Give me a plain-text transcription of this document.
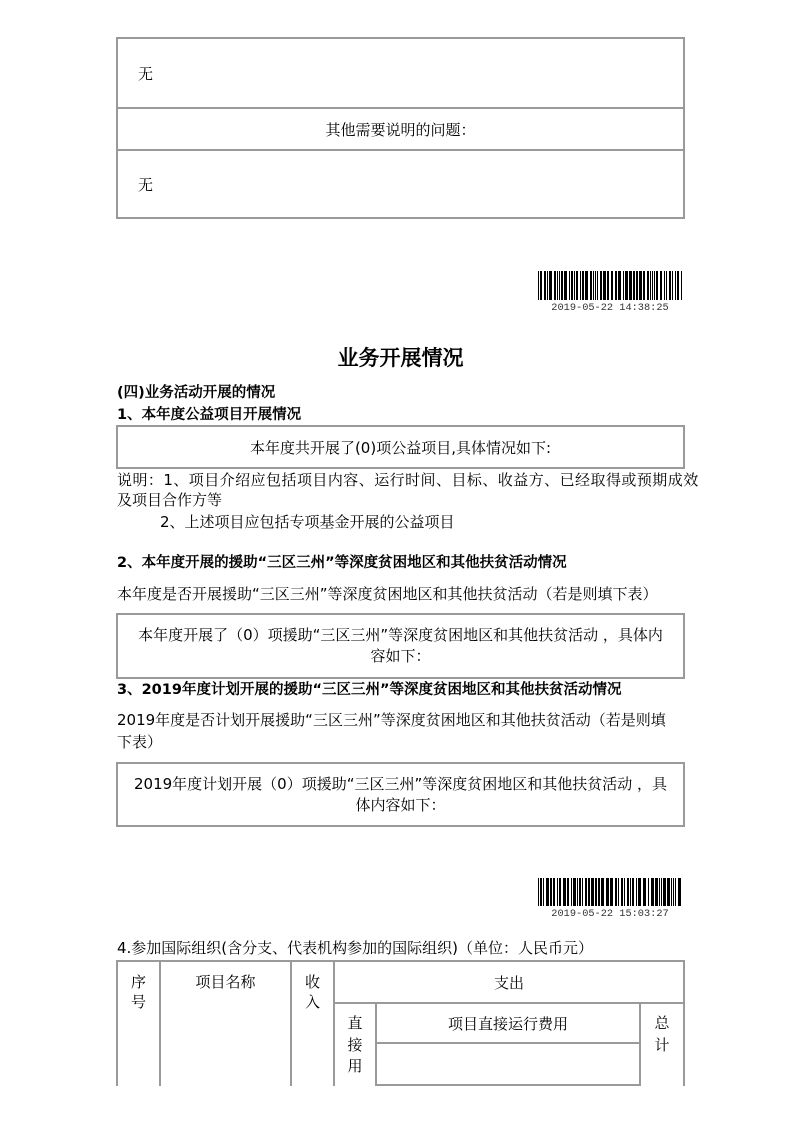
无
其他需要说明的问题：
无
2019-05-22 14:38:25
业务开展情况
(四)业务活动开展的情况
1、本年度公益项目开展情况
本年度共开展了(0)项公益项目,具体情况如下:
说明：1、项目介绍应包括项目内容、运行时间、目标、收益方、已经取得或预期成效
及项目合作方等
2、上述项目应包括专项基金开展的公益项目
2、本年度开展的援助“三区三州”等深度贫困地区和其他扶贫活动情况
本年度是否开展援助“三区三州”等深度贫困地区和其他扶贫活动（若是则填下表）
本年度开展了（0）项援助“三区三州”等深度贫困地区和其他扶贫活动 ，具体内
容如下：
3、2019年度计划开展的援助“三区三州”等深度贫困地区和其他扶贫活动情况
2019年度是否计划开展援助“三区三州”等深度贫困地区和其他扶贫活动（若是则填
下表）
2019年度计划开展（0）项援助“三区三州”等深度贫困地区和其他扶贫活动 ，具
体内容如下：
2019-05-22 15:03:27
4.参加国际组织(含分支、代表机构参加的国际组织)（单位：人民币元）
序号
项目名称	收入
支出
直接用
项目直接运行费用	总计
